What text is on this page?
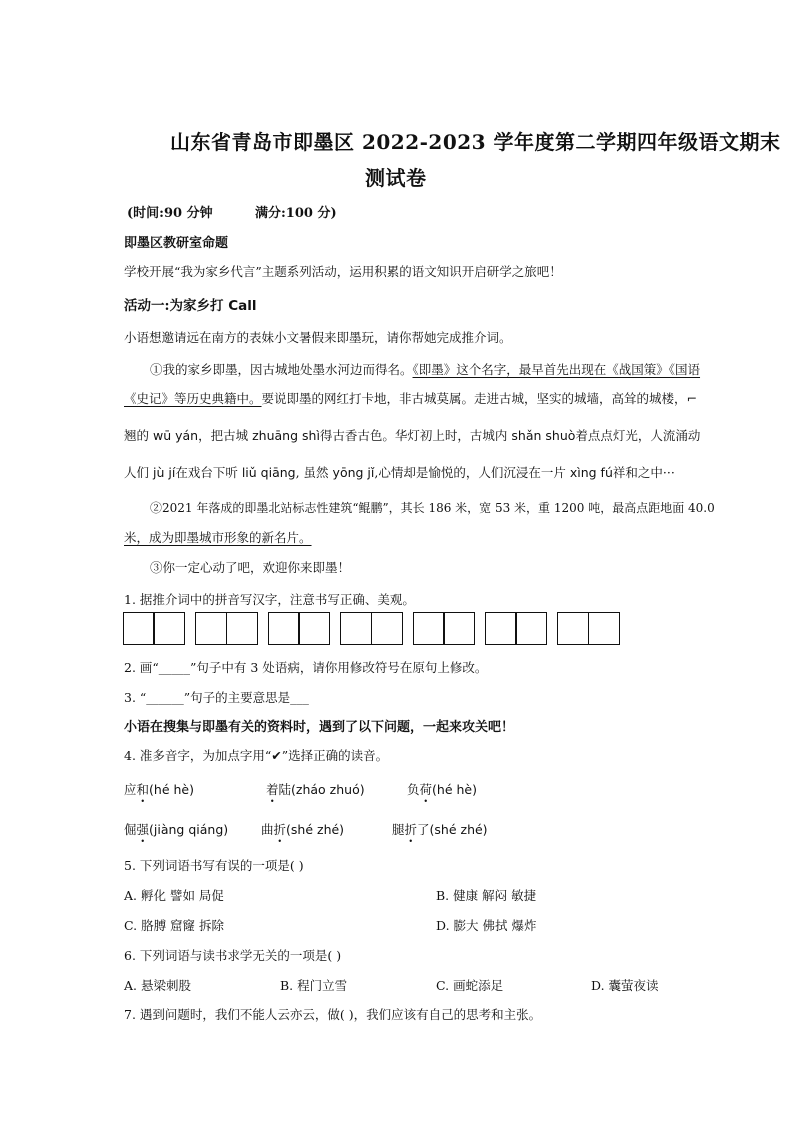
山东省青岛市即墨区 2022-2023 学年度第二学期四年级语文期末
测试卷
(时间:90 分钟	满分:100 分)
即墨区教研室命题
学校开展“我为家乡代言”主题系列活动，运用积累的语文知识开启研学之旅吧！
活动一:为家乡打 Call
小语想邀请远在南方的表妹小文暑假来即墨玩，请你帮她完成推介词。
①我的家乡即墨，因古城地处墨水河边而得名。《即墨》这个名字，最早首先出现在《战国策》《国语
《史记》等历史典籍中。要说即墨的网红打卡地，非古城莫属。走进古城，坚实的城墙，高耸的城楼，⌐
翘的 wū yán，把古城 zhuāng shì得古香古色。华灯初上时，古城内 shǎn shuò着点点灯光，人流涌动
人们 jù jí在戏台下听 liǔ qiāng, 虽然 yōng jǐ,心情却是愉悦的，人们沉浸在一片 xìng fú祥和之中···
②2021 年落成的即墨北站标志性建筑“鲲鹏”，其长 186 米，宽 53 米，重 1200 吨，最高点距地面 40.0
米，成为即墨城市形象的新名片。
③你一定心动了吧，欢迎你来即墨！
1. 据推介词中的拼音写汉字，注意书写正确、美观。
2. 画“_____”句子中有 3 处语病，请你用修改符号在原句上修改。
3. “______”句子的主要意思是___
小语在搜集与即墨有关的资料时，遇到了以下问题，一起来攻关吧！
4. 准多音字，为加点字用“✔”选择正确的读音。
应和(hé hè)	着陆(zháo zhuó)	负荷(hé hè)
倔强(jiàng qiáng)	曲折(shé zhé)	腿折了(shé zhé)
5. 下列词语书写有误的一项是( )
A. 孵化 譬如 局促	B. 健康 解闷 敏捷
C. 胳膊 窟窿 拆除	D. 膨大 佛拭 爆炸
6. 下列词语与读书求学无关的一项是( )
A. 悬梁刺股	B. 程门立雪	C. 画蛇添足	D. 囊萤夜读
7. 遇到问题时，我们不能人云亦云，做( )，我们应该有自己的思考和主张。
